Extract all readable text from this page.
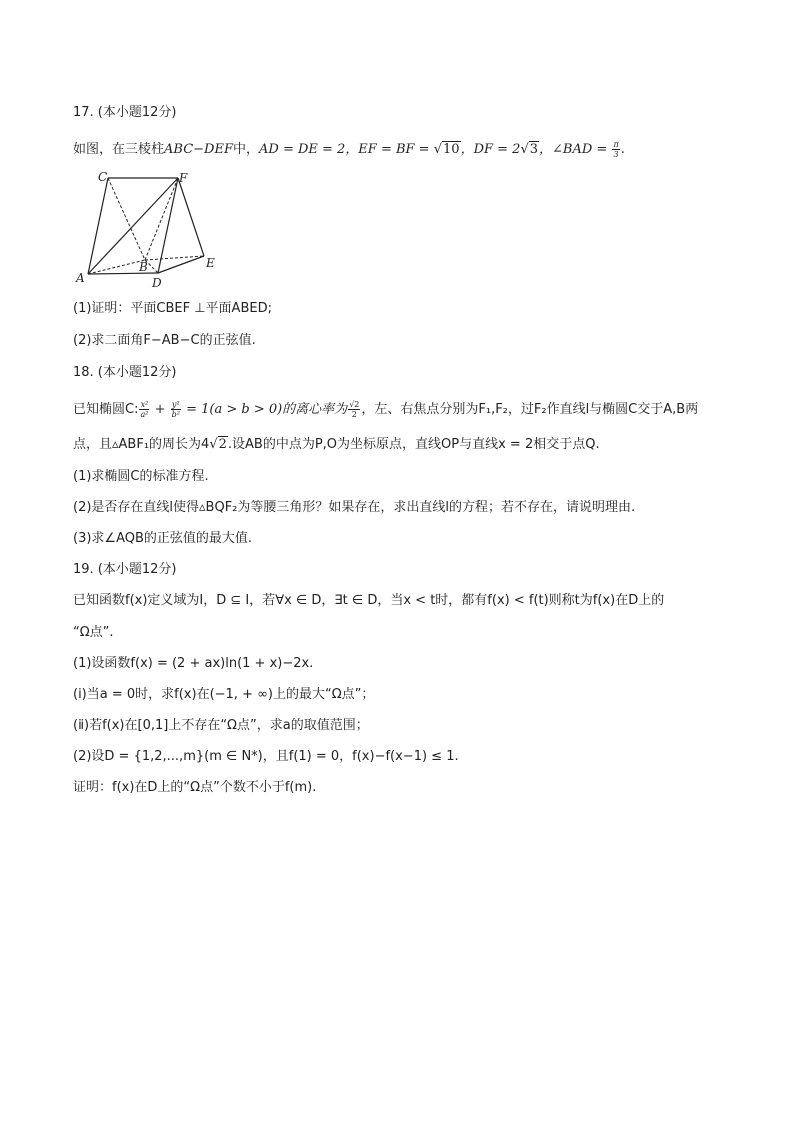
17. (本小题12分)
如图，在三棱柱ABC−DEF中，AD = DE = 2，EF = BF = √10，DF = 2√3，∠BAD = $\frac{\pi}{3}$ .
C	F
A
B
D
E
(1)证明：平面CBEF ⊥平面ABED;
(2)求二面角F−AB−C的正弦值.
18. (本小题12分)
已知椭圆C: $\frac{\text{x²}}{\text{a²}} + \frac{\text{y²}}{\text{b²}} = 1(a > b > 0)$的离心率为 $\frac{√2}{2}$ ，左、右焦点分别为F₁,F₂，过F₂作直线l与椭圆C交于A,B两
点，且▵ABF₁的周长为4√2.设AB的中点为P,O为坐标原点，直线OP与直线x = 2相交于点Q.
(1)求椭圆C的标准方程.
(2)是否存在直线l使得▵BQF₂为等腰三角形？如果存在，求出直线l的方程；若不存在，请说明理由.
(3)求∠AQB的正弦值的最大值.
19. (本小题12分)
已知函数f(x)定义域为I，D ⊆ I，若∀x ∈ D，∃t ∈ D，当x < t时，都有f(x) < f(t)则称t为f(x)在D上的
“Ω点”.
(1)设函数f(x) = (2 + ax)ln(1 + x)−2x.
(ⅰ)当a = 0时，求f(x)在(−1, + ∞)上的最大“Ω点”；
(ⅱ)若f(x)在[0,1]上不存在“Ω点”，求a的取值范围；
(2)设D = {1,2,...,m}(m ∈ N*)，且f(1) = 0，f(x)−f(x−1) ≤ 1.
证明：f(x)在D上的“Ω点”个数不小于f(m).
